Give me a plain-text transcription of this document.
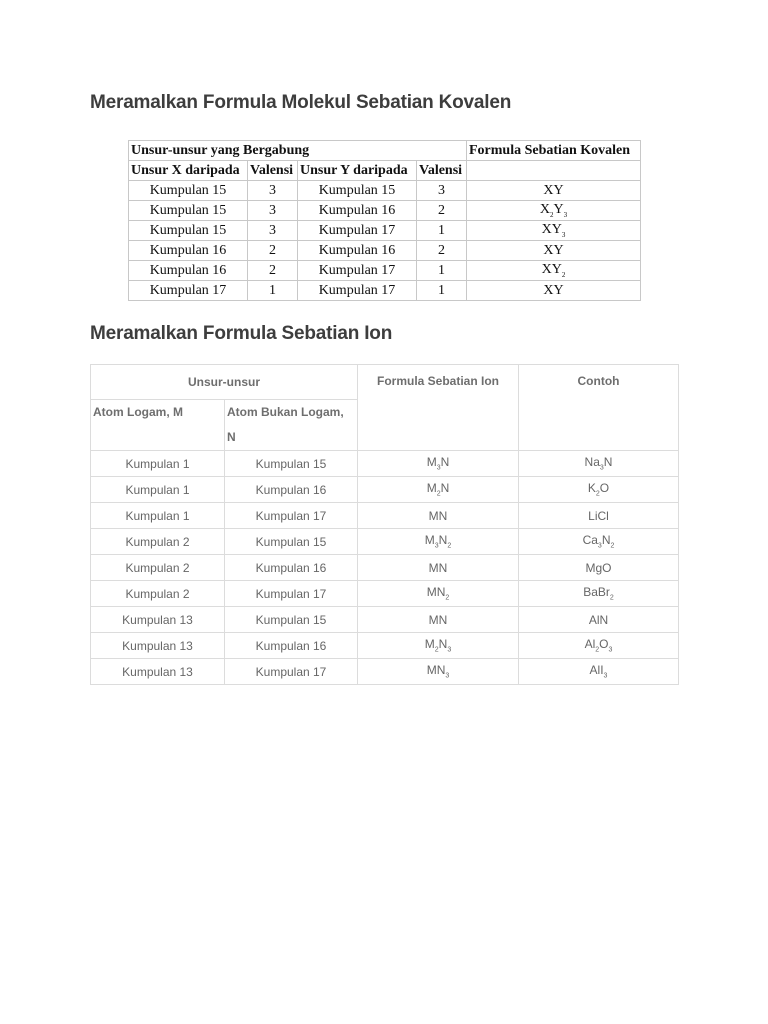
Meramalkan Formula Molekul Sebatian Kovalen
Unsur-unsur yang Bergabung				Formula Sebatian Kovalen
Unsur X daripada	Valensi	Unsur Y daripada	Valensi	
Kumpulan 15	3	Kumpulan 15	3	XY
Kumpulan 15	3	Kumpulan 16	2	$X_2Y_3$
Kumpulan 15	3	Kumpulan 17	1	$XY_3$
Kumpulan 16	2	Kumpulan 16	2	XY
Kumpulan 16	2	Kumpulan 17	1	$XY_2$
Kumpulan 17	1	Kumpulan 17	1	XY
Meramalkan Formula Sebatian Ion
Unsur-unsur		Formula Sebatian Ion	Contoh
Atom Logam, M	Atom Bukan Logam,
N		
Kumpulan 1	Kumpulan 15	$M_3N$	$Na_3N$
Kumpulan 1	Kumpulan 16	$M_2N$	$K_2O$
Kumpulan 1	Kumpulan 17	MN	LiCl
Kumpulan 2	Kumpulan 15	$M_3N_2$	$Ca_3N_2$
Kumpulan 2	Kumpulan 16	MN	MgO
Kumpulan 2	Kumpulan 17	$MN_2$	BaBr$_2$
Kumpulan 13	Kumpulan 15	MN	AlN
Kumpulan 13	Kumpulan 16	$M_2N_3$	$Al_2O_3$
Kumpulan 13	Kumpulan 17	$MN_3$	AlI$_3$
